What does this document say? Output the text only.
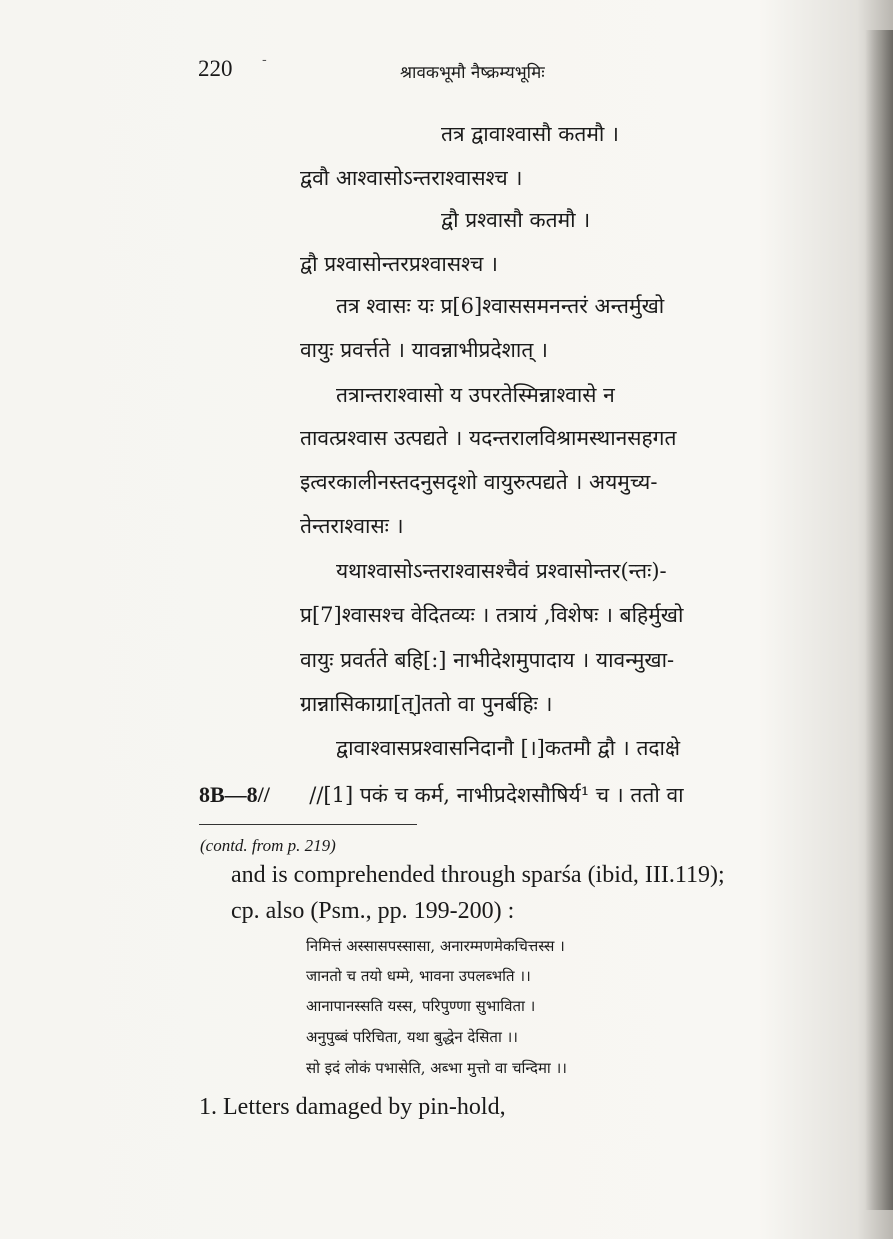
220 -
श्रावकभूमौ नैष्क्रम्यभूमिः
तत्र द्वावाश्वासौ कतमौ ।
द्ववौ आश्वासोऽन्तराश्वासश्च ।
द्वौ प्रश्वासौ कतमौ ।
द्वौ प्रश्वासोन्तरप्रश्वासश्च ।
तत्र श्वासः यः प्र[6]श्वाससमनन्तरं अन्तर्मुखो
वायुः प्रवर्त्तते । यावन्नाभीप्रदेशात् ।
तत्रान्तराश्वासो य उपरतेस्मिन्नाश्वासे न
तावत्प्रश्वास उत्पद्यते । यदन्तरालविश्रामस्थानसहगत
इत्वरकालीनस्तदनुसदृशो वायुरुत्पद्यते । अयमुच्य-
तेन्तराश्वासः ।
यथाश्वासोऽन्तराश्वासश्चैवं प्रश्वासोन्तर(न्तः)-
प्र[7]श्वासश्च वेदितव्यः । तत्रायं ,विशेषः । बहिर्मुखो
वायुः प्रवर्तते बहि[:] नाभीदेशमुपादाय । यावन्मुखा-
ग्रान्नासिकाग्रा[त्]ततो वा पुनर्बहिः ।
द्वावाश्वासप्रश्वासनिदानौ [।]कतमौ द्वौ । तदाक्षे
8B—8// //[1] पकं च कर्म, नाभीप्रदेशसौषिर्य¹ च । ततो वा
(contd. from p. 219)
and is comprehended through sparśa (ibid, III.119);
cp. also (Psm., pp. 199-200) :
निमित्तं अस्सासपस्सासा, अनारम्मणमेकचित्तस्स ।
जानतो च तयो धम्मे, भावना उपलब्भति ।।
आनापानस्सति यस्स, परिपुण्णा सुभाविता ।
अनुपुब्बं परिचिता, यथा बुद्धेन देसिता ।।
सो इदं लोकं पभासेति, अब्भा मुत्तो वा चन्दिमा ।।
1. Letters damaged by pin-hold,
